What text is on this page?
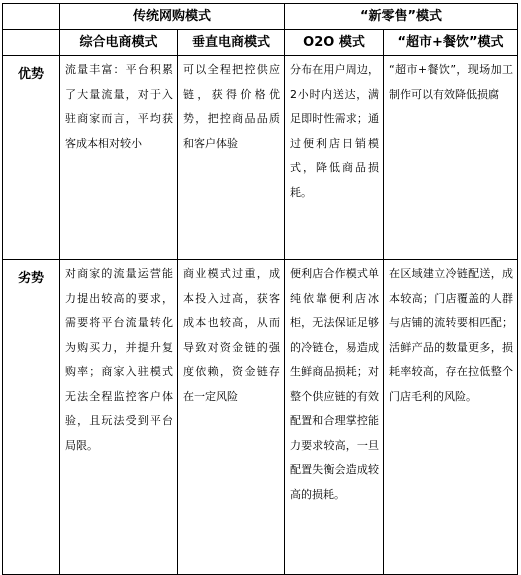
	传统网购模式		“新零售”模式	
	综合电商模式	垂直电商模式	O2O 模式	“超市+餐饮”模式
优势	流量丰富：平台积累了大量流量，对于入驻商家而言，平均获客成本相对较小	可以全程把控供应链，获得价格优势，把控商品品质和客户体验	分布在用户周边，2小时内送达，满足即时性需求；通过便利店日销模式，降低商品损耗。	“超市+餐饮”，现场加工制作可以有效降低损腐
劣势	对商家的流量运营能力提出较高的要求，需要将平台流量转化为购买力，并提升复购率；商家入驻模式无法全程监控客户体验，且玩法受到平台局限。	商业模式过重，成本投入过高，获客成本也较高，从而导致对资金链的强度依赖，资金链存在一定风险	便利店合作模式单纯依靠便利店冰柜，无法保证足够的冷链仓，易造成生鲜商品损耗；对整个供应链的有效配置和合理掌控能力要求较高，一旦配置失衡会造成较高的损耗。	在区域建立冷链配送，成本较高；门店覆盖的人群与店铺的流转要相匹配；活鲜产品的数量更多，损耗率较高，存在拉低整个门店毛利的风险。
